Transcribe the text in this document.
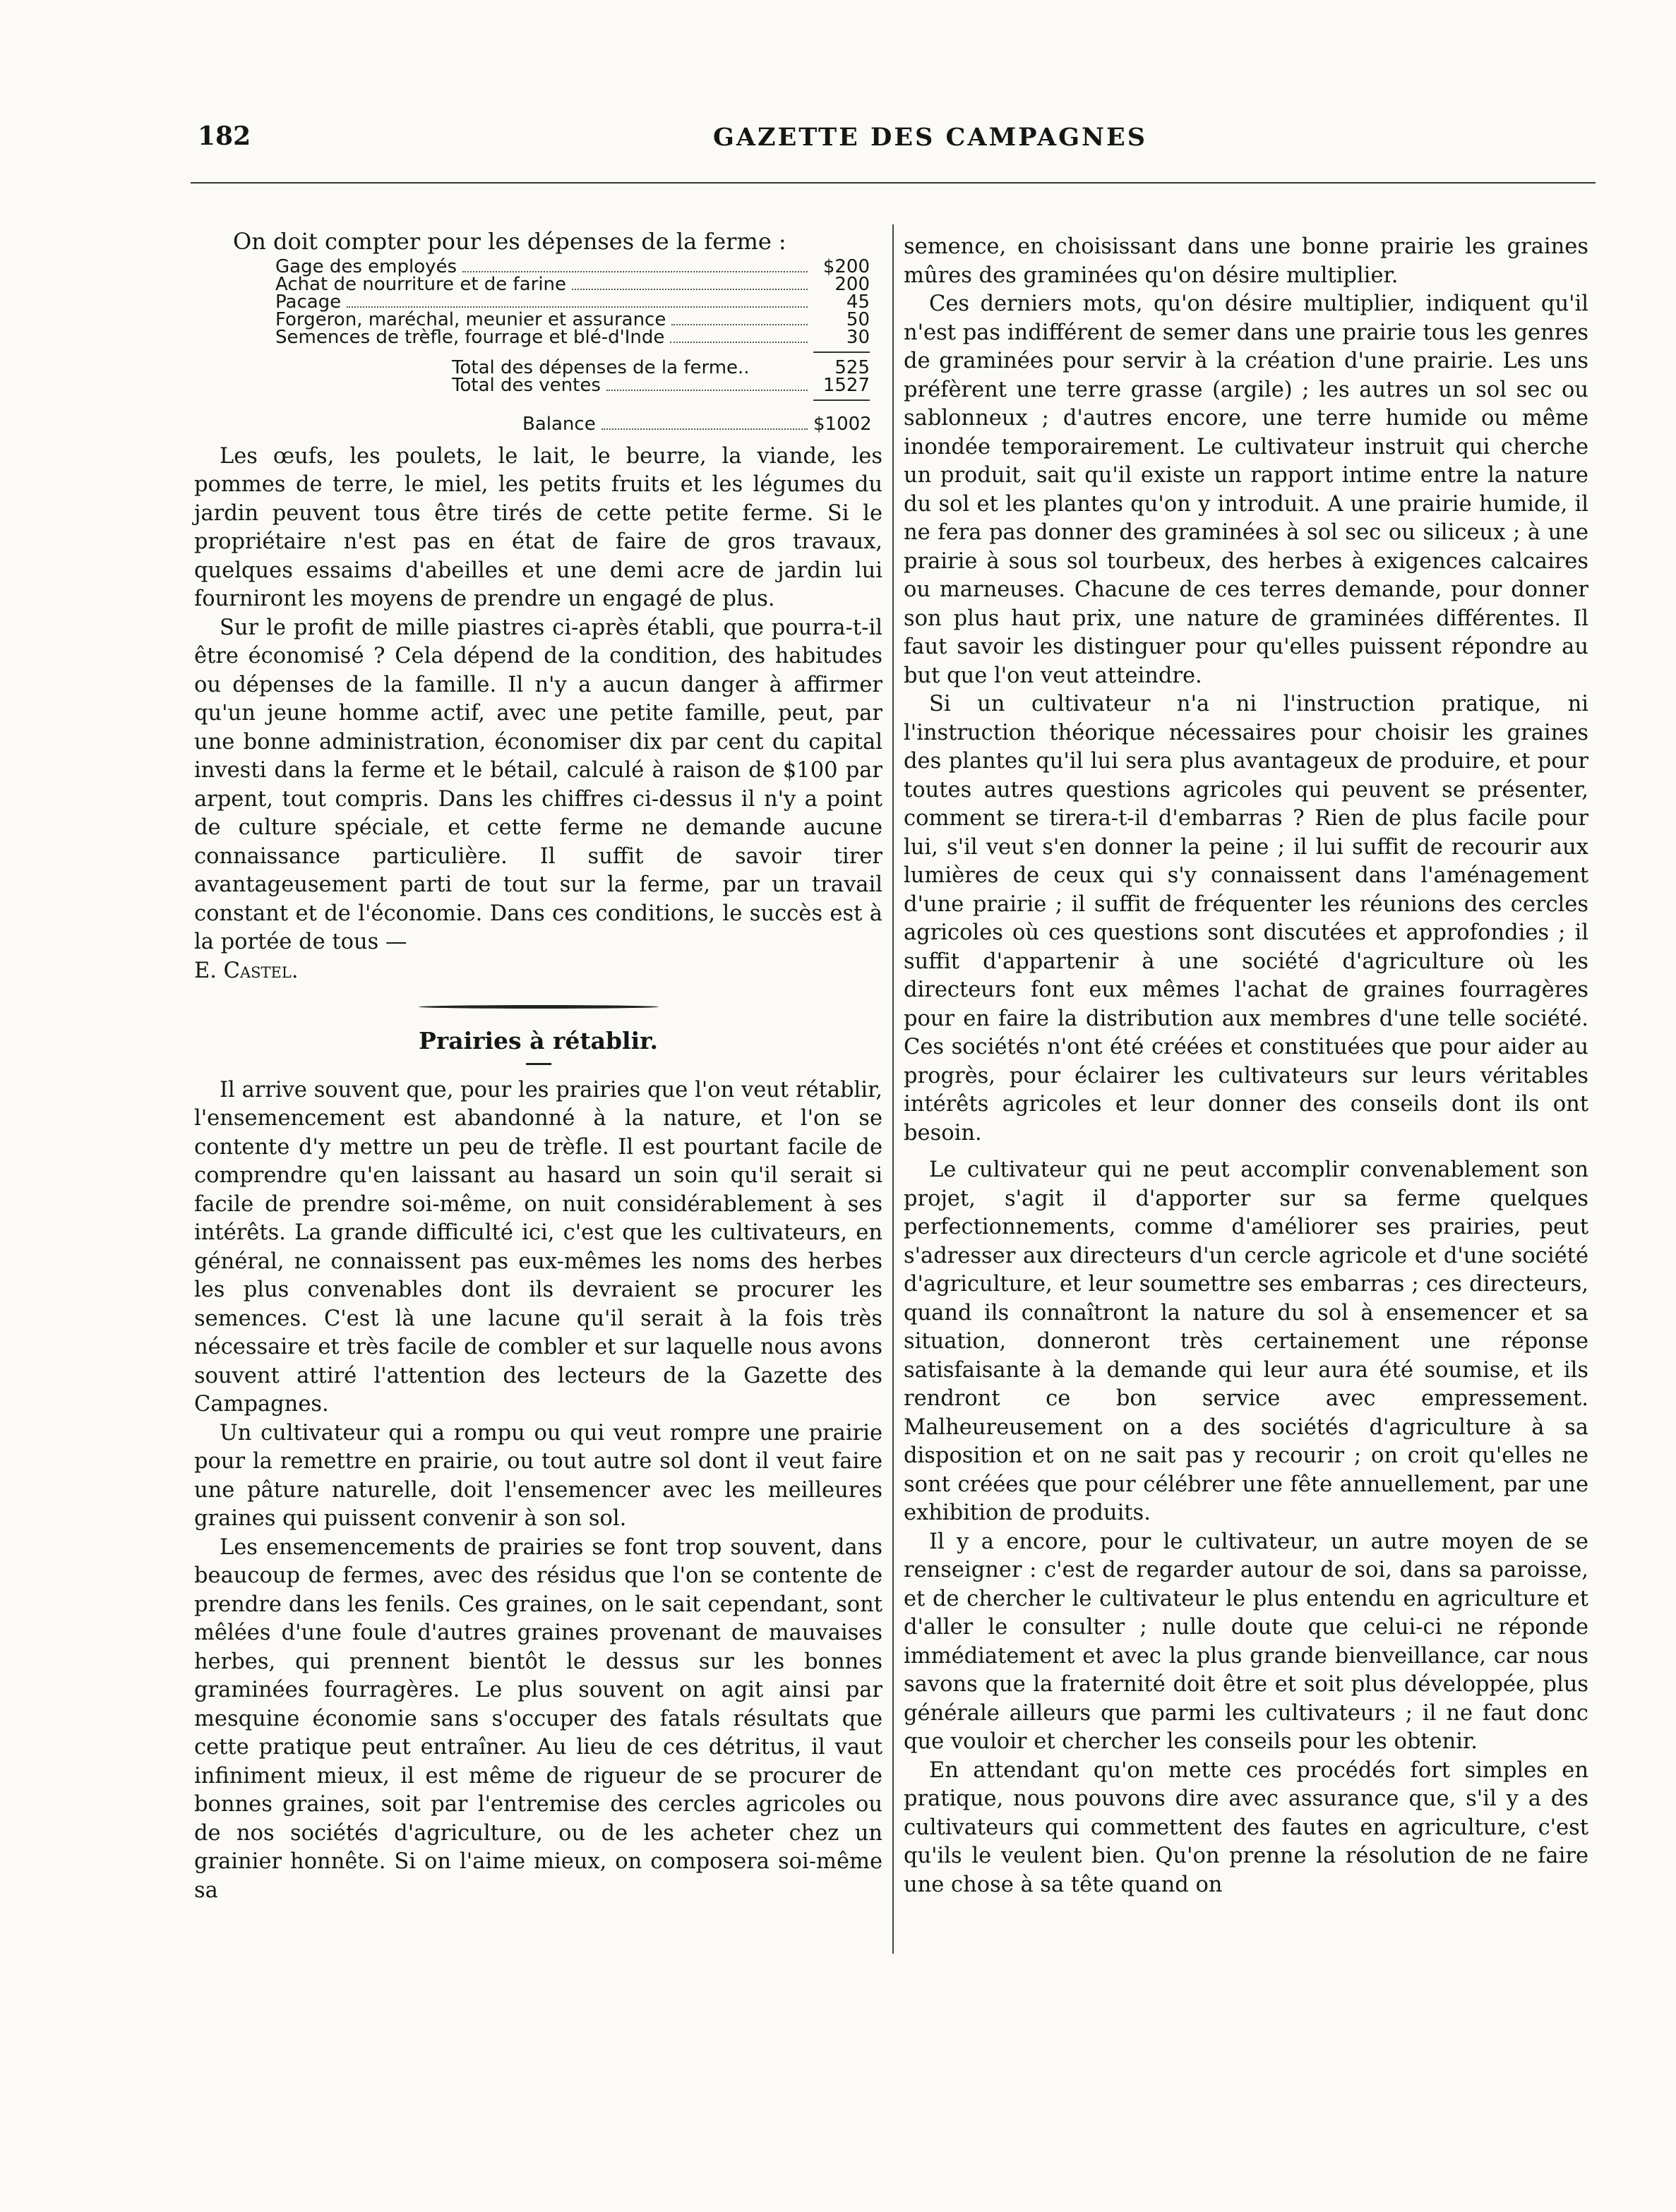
182	GAZETTE DES CAMPAGNES

On doit compter pour les dépenses de la ferme :

Gage des employés	$200
Achat de nourriture et de farine	200
Pacage	45
Forgeron, maréchal, meunier et assurance	50
Semences de trèfle, fourrage et blé-d'Inde	30
Total des dépenses de la ferme..	525
Total des ventes	1527
Balance	$1002

Les œufs, les poulets, le lait, le beurre, la viande, les pommes de terre, le miel, les petits fruits et les légumes du jardin peuvent tous être tirés de cette petite ferme. Si le propriétaire n'est pas en état de faire de gros travaux, quelques essaims d'abeilles et une demi acre de jardin lui fourniront les moyens de prendre un engagé de plus.

Sur le profit de mille piastres ci-après établi, que pourra-t-il être économisé ? Cela dépend de la condition, des habitudes ou dépenses de la famille. Il n'y a aucun danger à affirmer qu'un jeune homme actif, avec une petite famille, peut, par une bonne administration, économiser dix par cent du capital investi dans la ferme et le bétail, calculé à raison de $100 par arpent, tout compris. Dans les chiffres ci-dessus il n'y a point de culture spéciale, et cette ferme ne demande aucune connaissance particulière. Il suffit de savoir tirer avantageusement parti de tout sur la ferme, par un travail constant et de l'économie. Dans ces conditions, le succès est à la portée de tous —

E. Castel.

Prairies à rétablir.

Il arrive souvent que, pour les prairies que l'on veut rétablir, l'ensemencement est abandonné à la nature, et l'on se contente d'y mettre un peu de trèfle. Il est pourtant facile de comprendre qu'en laissant au hasard un soin qu'il serait si facile de prendre soi-même, on nuit considérablement à ses intérêts. La grande difficulté ici, c'est que les cultivateurs, en général, ne connaissent pas eux-mêmes les noms des herbes les plus convenables dont ils devraient se procurer les semences. C'est là une lacune qu'il serait à la fois très nécessaire et très facile de combler et sur laquelle nous avons souvent attiré l'attention des lecteurs de la Gazette des Campagnes.

Un cultivateur qui a rompu ou qui veut rompre une prairie pour la remettre en prairie, ou tout autre sol dont il veut faire une pâture naturelle, doit l'ensemencer avec les meilleures graines qui puissent convenir à son sol.

Les ensemencements de prairies se font trop souvent, dans beaucoup de fermes, avec des résidus que l'on se contente de prendre dans les fenils. Ces graines, on le sait cependant, sont mêlées d'une foule d'autres graines provenant de mauvaises herbes, qui prennent bientôt le dessus sur les bonnes graminées fourragères. Le plus souvent on agit ainsi par mesquine économie sans s'occuper des fatals résultats que cette pratique peut entraîner. Au lieu de ces détritus, il vaut infiniment mieux, il est même de rigueur de se procurer de bonnes graines, soit par l'entremise des cercles agricoles ou de nos sociétés d'agriculture, ou de les acheter chez un grainier honnête. Si on l'aime mieux, on composera soi-même sa

semence, en choisissant dans une bonne prairie les graines mûres des graminées qu'on désire multiplier.

Ces derniers mots, qu'on désire multiplier, indiquent qu'il n'est pas indifférent de semer dans une prairie tous les genres de graminées pour servir à la création d'une prairie. Les uns préfèrent une terre grasse (argile) ; les autres un sol sec ou sablonneux ; d'autres encore, une terre humide ou même inondée temporairement. Le cultivateur instruit qui cherche un produit, sait qu'il existe un rapport intime entre la nature du sol et les plantes qu'on y introduit. A une prairie humide, il ne fera pas donner des graminées à sol sec ou siliceux ; à une prairie à sous sol tourbeux, des herbes à exigences calcaires ou marneuses. Chacune de ces terres demande, pour donner son plus haut prix, une nature de graminées différentes. Il faut savoir les distinguer pour qu'elles puissent répondre au but que l'on veut atteindre.

Si un cultivateur n'a ni l'instruction pratique, ni l'instruction théorique nécessaires pour choisir les graines des plantes qu'il lui sera plus avantageux de produire, et pour toutes autres questions agricoles qui peuvent se présenter, comment se tirera-t-il d'embarras ? Rien de plus facile pour lui, s'il veut s'en donner la peine ; il lui suffit de recourir aux lumières de ceux qui s'y connaissent dans l'aménagement d'une prairie ; il suffit de fréquenter les réunions des cercles agricoles où ces questions sont discutées et approfondies ; il suffit d'appartenir à une société d'agriculture où les directeurs font eux mêmes l'achat de graines fourragères pour en faire la distribution aux membres d'une telle société. Ces sociétés n'ont été créées et constituées que pour aider au progrès, pour éclairer les cultivateurs sur leurs véritables intérêts agricoles et leur donner des conseils dont ils ont besoin.

Le cultivateur qui ne peut accomplir convenablement son projet, s'agit il d'apporter sur sa ferme quelques perfectionnements, comme d'améliorer ses prairies, peut s'adresser aux directeurs d'un cercle agricole et d'une société d'agriculture, et leur soumettre ses embarras ; ces directeurs, quand ils connaîtront la nature du sol à ensemencer et sa situation, donneront très certainement une réponse satisfaisante à la demande qui leur aura été soumise, et ils rendront ce bon service avec empressement. Malheureusement on a des sociétés d'agriculture à sa disposition et on ne sait pas y recourir ; on croit qu'elles ne sont créées que pour célébrer une fête annuellement, par une exhibition de produits.

Il y a encore, pour le cultivateur, un autre moyen de se renseigner : c'est de regarder autour de soi, dans sa paroisse, et de chercher le cultivateur le plus entendu en agriculture et d'aller le consulter ; nulle doute que celui-ci ne réponde immédiatement et avec la plus grande bienveillance, car nous savons que la fraternité doit être et soit plus développée, plus générale ailleurs que parmi les cultivateurs ; il ne faut donc que vouloir et chercher les conseils pour les obtenir.

En attendant qu'on mette ces procédés fort simples en pratique, nous pouvons dire avec assurance que, s'il y a des cultivateurs qui commettent des fautes en agriculture, c'est qu'ils le veulent bien. Qu'on prenne la résolution de ne faire une chose à sa tête quand on
